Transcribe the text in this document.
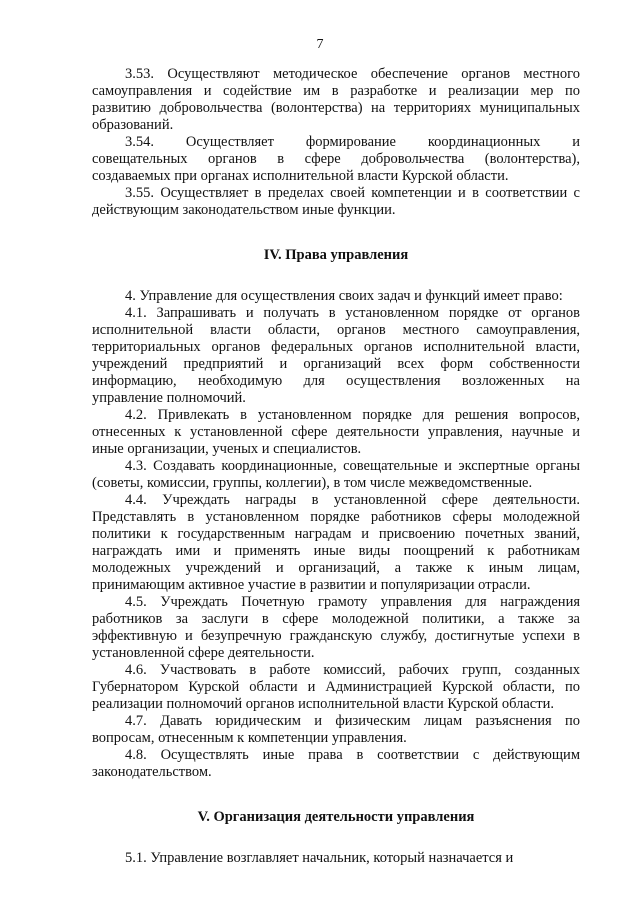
7
3.53. Осуществляют методическое обеспечение органов местного
самоуправления и содействие им в разработке и реализации мер по
развитию добровольчества (волонтерства) на территориях муниципальных
образований.
3.54. Осуществляет формирование координационных и
совещательных органов в сфере добровольчества (волонтерства),
создаваемых при органах исполнительной власти Курской области.
3.55. Осуществляет в пределах своей компетенции и в соответствии с
действующим законодательством иные функции.
IV. Права управления
4. Управление для осуществления своих задач и функций имеет право:
4.1. Запрашивать и получать в установленном порядке от органов
исполнительной власти области, органов местного самоуправления,
территориальных органов федеральных органов исполнительной власти,
учреждений предприятий и организаций всех форм собственности
информацию, необходимую для осуществления возложенных на
управление полномочий.
4.2. Привлекать в установленном порядке для решения вопросов,
отнесенных к установленной сфере деятельности управления, научные и
иные организации, ученых и специалистов.
4.3. Создавать координационные, совещательные и экспертные органы
(советы, комиссии, группы, коллегии), в том числе межведомственные.
4.4. Учреждать награды в установленной сфере деятельности.
Представлять в установленном порядке работников сферы молодежной
политики к государственным наградам и присвоению почетных званий,
награждать ими и применять иные виды поощрений к работникам
молодежных учреждений и организаций, а также к иным лицам,
принимающим активное участие в развитии и популяризации отрасли.
4.5. Учреждать Почетную грамоту управления для награждения
работников за заслуги в сфере молодежной политики, а также за
эффективную и безупречную гражданскую службу, достигнутые успехи в
установленной сфере деятельности.
4.6. Участвовать в работе комиссий, рабочих групп, созданных
Губернатором Курской области и Администрацией Курской области, по
реализации полномочий органов исполнительной власти Курской области.
4.7. Давать юридическим и физическим лицам разъяснения по
вопросам, отнесенным к компетенции управления.
4.8. Осуществлять иные права в соответствии с действующим
законодательством.
V. Организация деятельности управления
5.1. Управление возглавляет начальник, который назначается и
